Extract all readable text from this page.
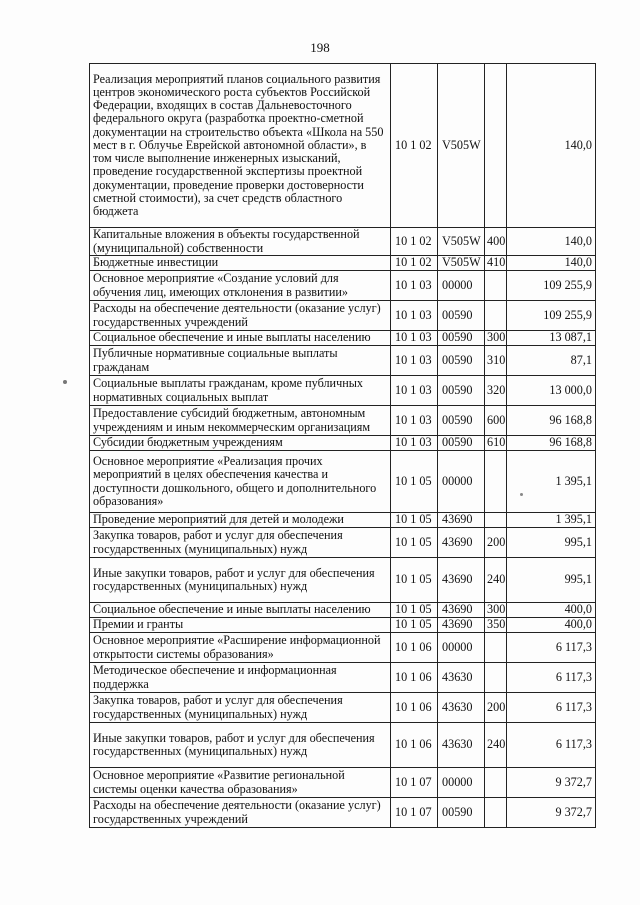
198
Реализация мероприятий планов социального развития центров экономического роста субъектов Российской Федерации, входящих в состав Дальневосточного федерального округа (разработка проектно-сметной документации на строительство объекта «Школа на 550 мест в г. Облучье Еврейской автономной области», в том числе выполнение инженерных изысканий, проведение государственной экспертизы проектной документации, проведение проверки достоверности сметной стоимости), за счет средств областного бюджета	10 1 02	V505W		140,0
Капитальные вложения в объекты государственной (муниципальной) собственности	10 1 02	V505W	400	140,0
Бюджетные инвестиции	10 1 02	V505W	410	140,0
Основное мероприятие «Создание условий для обучения лиц, имеющих отклонения в развитии»	10 1 03	00000		109 255,9
Расходы на обеспечение деятельности (оказание услуг) государственных учреждений	10 1 03	00590		109 255,9
Социальное обеспечение и иные выплаты населению	10 1 03	00590	300	13 087,1
Публичные нормативные социальные выплаты гражданам	10 1 03	00590	310	87,1
Социальные выплаты гражданам, кроме публичных нормативных социальных выплат	10 1 03	00590	320	13 000,0
Предоставление субсидий бюджетным, автономным учреждениям и иным некоммерческим организациям	10 1 03	00590	600	96 168,8
Субсидии бюджетным учреждениям	10 1 03	00590	610	96 168,8
Основное мероприятие «Реализация прочих мероприятий в целях обеспечения качества и доступности дошкольного, общего и дополнительного образования»	10 1 05	00000		1 395,1
Проведение мероприятий для детей и молодежи	10 1 05	43690		1 395,1
Закупка товаров, работ и услуг для обеспечения государственных (муниципальных) нужд	10 1 05	43690	200	995,1
Иные закупки товаров, работ и услуг для обеспечения государственных (муниципальных) нужд	10 1 05	43690	240	995,1
Социальное обеспечение и иные выплаты населению	10 1 05	43690	300	400,0
Премии и гранты	10 1 05	43690	350	400,0
Основное мероприятие «Расширение информационной открытости системы образования»	10 1 06	00000		6 117,3
Методическое обеспечение и информационная поддержка	10 1 06	43630		6 117,3
Закупка товаров, работ и услуг для обеспечения государственных (муниципальных) нужд	10 1 06	43630	200	6 117,3
Иные закупки товаров, работ и услуг для обеспечения государственных (муниципальных) нужд	10 1 06	43630	240	6 117,3
Основное мероприятие «Развитие региональной системы оценки качества образования»	10 1 07	00000		9 372,7
Расходы на обеспечение деятельности (оказание услуг) государственных учреждений	10 1 07	00590		9 372,7
